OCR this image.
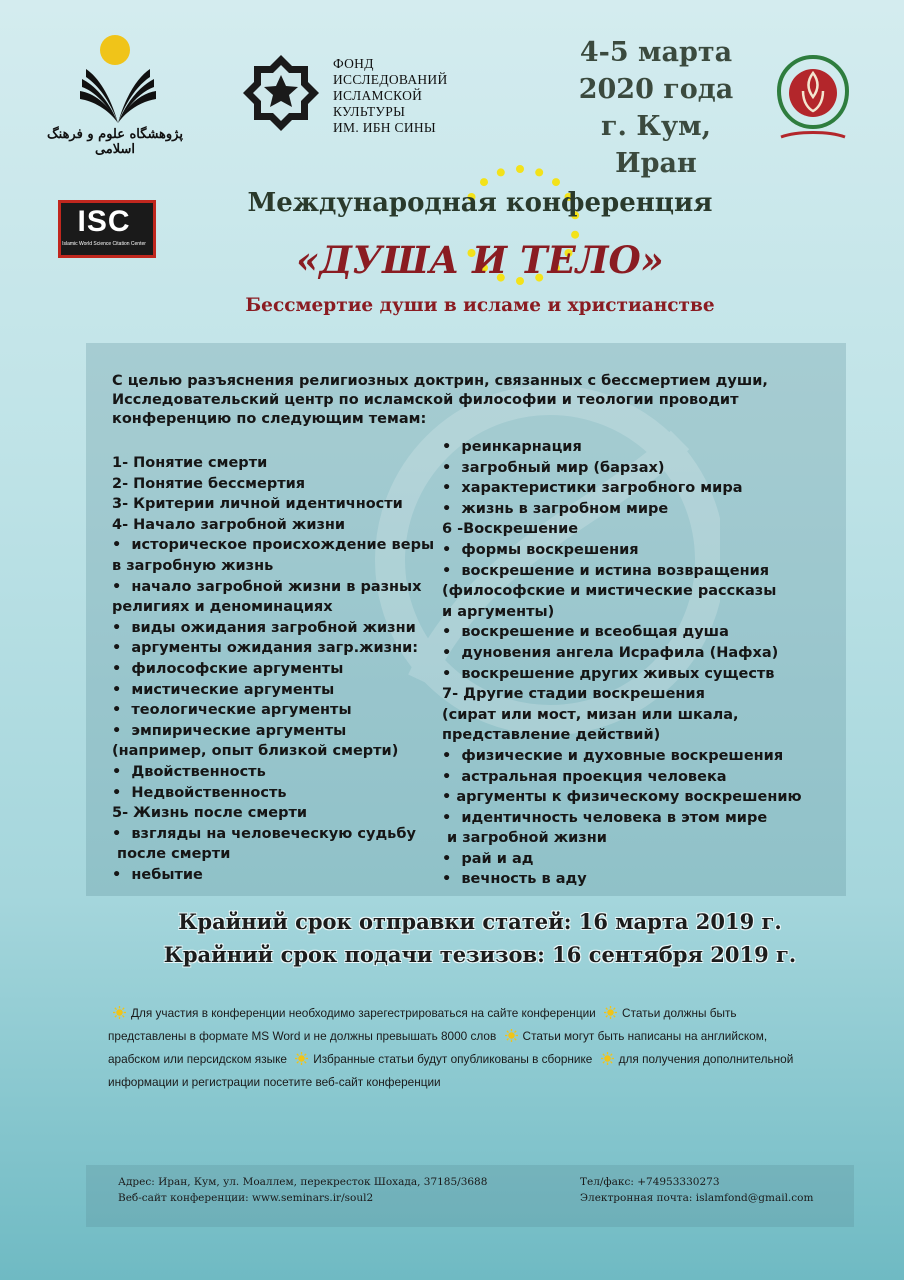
پژوهشگاه علوم و فرهنگ اسلامی
ФОНД
ИССЛЕДОВАНИЙ
ИСЛАМСКОЙ
КУЛЬТУРЫ
ИМ. ИБН СИНЫ
4-5 марта
2020 года
г. Кум, Иран
ISC
Islamic World Science Citation Center
Международная конференция
«ДУША И ТЕЛО»
Бессмертие души в исламе и христианстве
С целью разъяснения религиозных доктрин, связанных с бессмертием души, Исследовательский центр по исламской философии и теологии проводит конференцию по следующим темам:
1- Понятие смерти
2- Понятие бессмертия
3- Критерии личной идентичности
4- Начало загробной жизни
•  историческое происхождение веры
в загробную жизнь
•  начало загробной жизни в разных
религиях и деноминациях
•  виды ожидания загробной жизни
•  аргументы ожидания загр.жизни:
•  философские аргументы
•  мистические аргументы
•  теологические аргументы
•  эмпирические аргументы
(например, опыт близкой смерти)
•  Двойственность
•  Недвойственность
5- Жизнь после смерти
•  взгляды на человеческую судьбу
после смерти
•  небытие
•  реинкарнация
•  загробный мир (барзах)
•  характеристики загробного мира
•  жизнь в загробном мире
6 -Воскрешение
•  формы воскрешения
•  воскрешение и истина возвращения
(философские и мистические рассказы
и аргументы)
•  воскрешение и всеобщая душа
•  дуновения ангела Исрафила (Нафха)
•  воскрешение других живых существ
7- Другие стадии воскрешения
(сират или мост, мизан или шкала,
представление действий)
•  физические и духовные воскрешения
•  астральная проекция человека
• аргументы к физическому воскрешению
•  идентичность человека в этом мире
и загробной жизни
•  рай и ад
•  вечность в аду
Крайний срок отправки статей: 16 марта 2019 г.
Крайний срок подачи тезизов: 16 сентября 2019 г.
Для участия в конференции необходимо зарегестрироваться на сайте конференции Статьи должны быть представлены в формате MS Word и не должны превышать 8000 слов Статьи могут быть написаны на английском, арабском или персидском языке Избранные статьи будут опубликованы в сборнике для получения дополнительной информации и регистрации посетите веб-сайт конференции
Адрес: Иран, Кум, ул. Моаллем, перекресток Шохада, 37185/3688
Веб-сайт конференции: www.seminars.ir/soul2
Тел/факс: +74953330273
Электронная почта: islamfond@gmail.com
